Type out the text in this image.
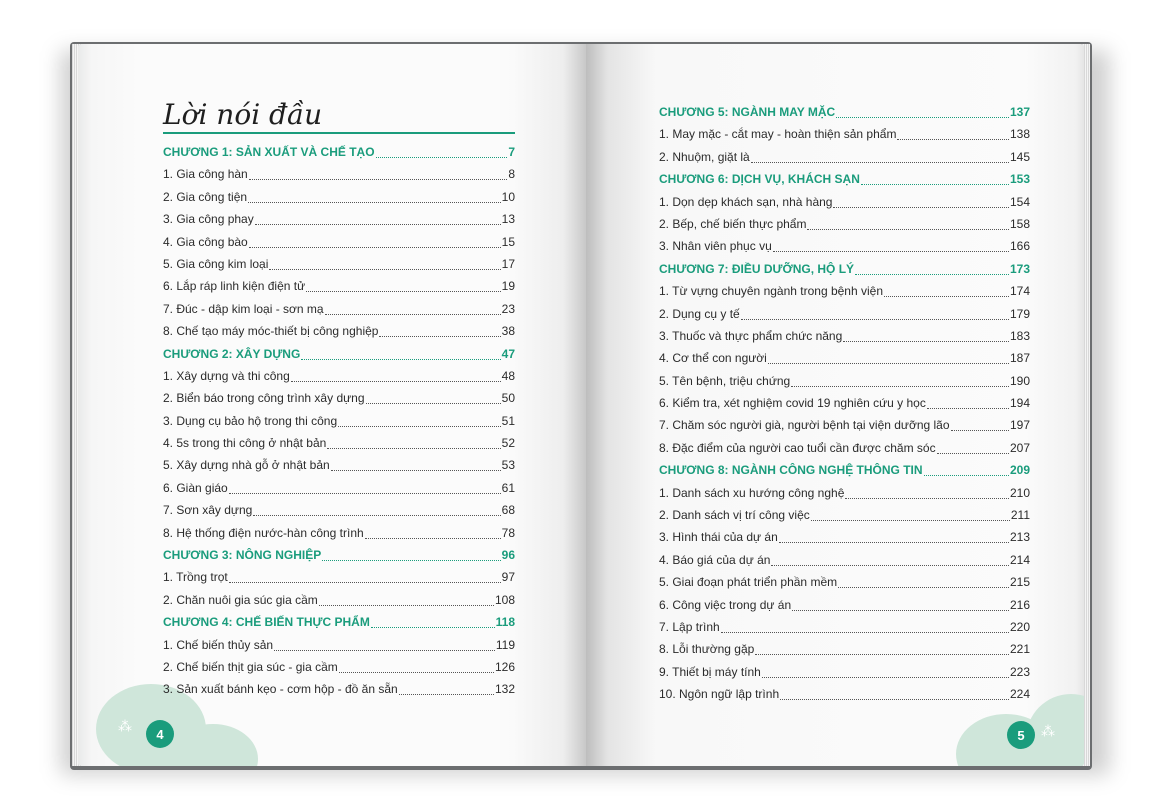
⁂
Lời nói đầu
CHƯƠNG 1: SẢN XUẤT VÀ CHẾ TẠO	7
1. Gia công hàn	8
2. Gia công tiện	10
3. Gia công phay	13
4. Gia công bào	15
5. Gia công kim loại	17
6. Lắp ráp linh kiện điện tử	19
7. Đúc - dập kim loại - sơn mạ	23
8. Chế tạo máy móc-thiết bị công nghiệp	38
CHƯƠNG 2: XÂY DỰNG	47
1. Xây dựng và thi công	48
2. Biển báo trong công trình xây dựng	50
3. Dụng cụ bảo hộ trong thi công	51
4. 5s trong thi công ở nhật bản	52
5. Xây dựng nhà gỗ ở nhật bản	53
6. Giàn giáo	61
7. Sơn xây dựng	68
8. Hệ thống điện nước-hàn công trình	78
CHƯƠNG 3: NÔNG NGHIỆP	96
1. Trồng trọt	97
2. Chăn nuôi gia súc gia cầm	108
CHƯƠNG 4: CHẾ BIẾN THỰC PHẨM	118
1. Chế biến thủy sản	119
2. Chế biến thịt gia súc - gia cầm	126
3. Sản xuất bánh kẹo - cơm hộp - đồ ăn sẵn	132
4	⁂
CHƯƠNG 5: NGÀNH MAY MẶC	137
1. May mặc - cắt may - hoàn thiện sản phẩm	138
2. Nhuộm, giặt là	145
CHƯƠNG 6: DỊCH VỤ, KHÁCH SẠN	153
1. Dọn dẹp khách sạn, nhà hàng	154
2. Bếp, chế biến thực phẩm	158
3. Nhân viên phục vụ	166
CHƯƠNG 7: ĐIỀU DƯỠNG, HỘ LÝ	173
1. Từ vựng chuyên ngành trong bệnh viện	174
2. Dụng cụ y tế	179
3. Thuốc và thực phẩm chức năng	183
4. Cơ thể con người	187
5. Tên bệnh, triệu chứng	190
6. Kiểm tra, xét nghiệm covid 19 nghiên cứu y học	194
7. Chăm sóc người già, người bệnh tại viện dưỡng lão	197
8. Đặc điểm của người cao tuổi cần được chăm sóc	207
CHƯƠNG 8: NGÀNH CÔNG NGHỆ THÔNG TIN	209
1. Danh sách xu hướng công nghệ	210
2. Danh sách vị trí công việc	211
3. Hình thái của dự án	213
4. Báo giá của dự án	214
5. Giai đoạn phát triển phần mềm	215
6. Công việc trong dự án	216
7. Lập trình	220
8. Lỗi thường gặp	221
9. Thiết bị máy tính	223
10. Ngôn ngữ lập trình	224
5
